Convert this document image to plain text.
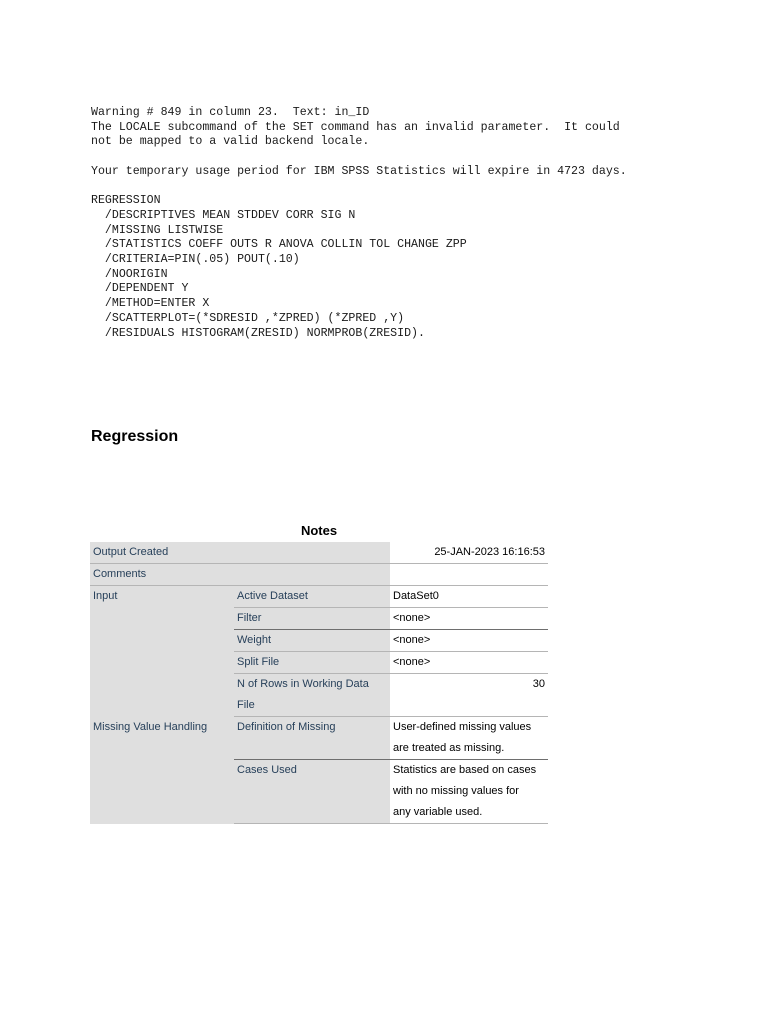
Warning # 849 in column 23.  Text: in_ID
The LOCALE subcommand of the SET command has an invalid parameter.  It could
not be mapped to a valid backend locale.
Your temporary usage period for IBM SPSS Statistics will expire in 4723 days.
REGRESSION
/DESCRIPTIVES MEAN STDDEV CORR SIG N
/MISSING LISTWISE
/STATISTICS COEFF OUTS R ANOVA COLLIN TOL CHANGE ZPP
/CRITERIA=PIN(.05) POUT(.10)
/NOORIGIN
/DEPENDENT Y
/METHOD=ENTER X
/SCATTERPLOT=(*SDRESID ,*ZPRED) (*ZPRED ,Y)
/RESIDUALS HISTOGRAM(ZRESID) NORMPROB(ZRESID).
Regression
Notes
Output Created		25-JAN-2023 16:16:53
Comments		
Input	Active Dataset	DataSet0
	Filter	<none>
	Weight	<none>
	Split File	<none>
	N of Rows in Working Data	30
	File	
Missing Value Handling	Definition of Missing	User-defined missing values
		are treated as missing.
	Cases Used	Statistics are based on cases
		with no missing values for
		any variable used.
